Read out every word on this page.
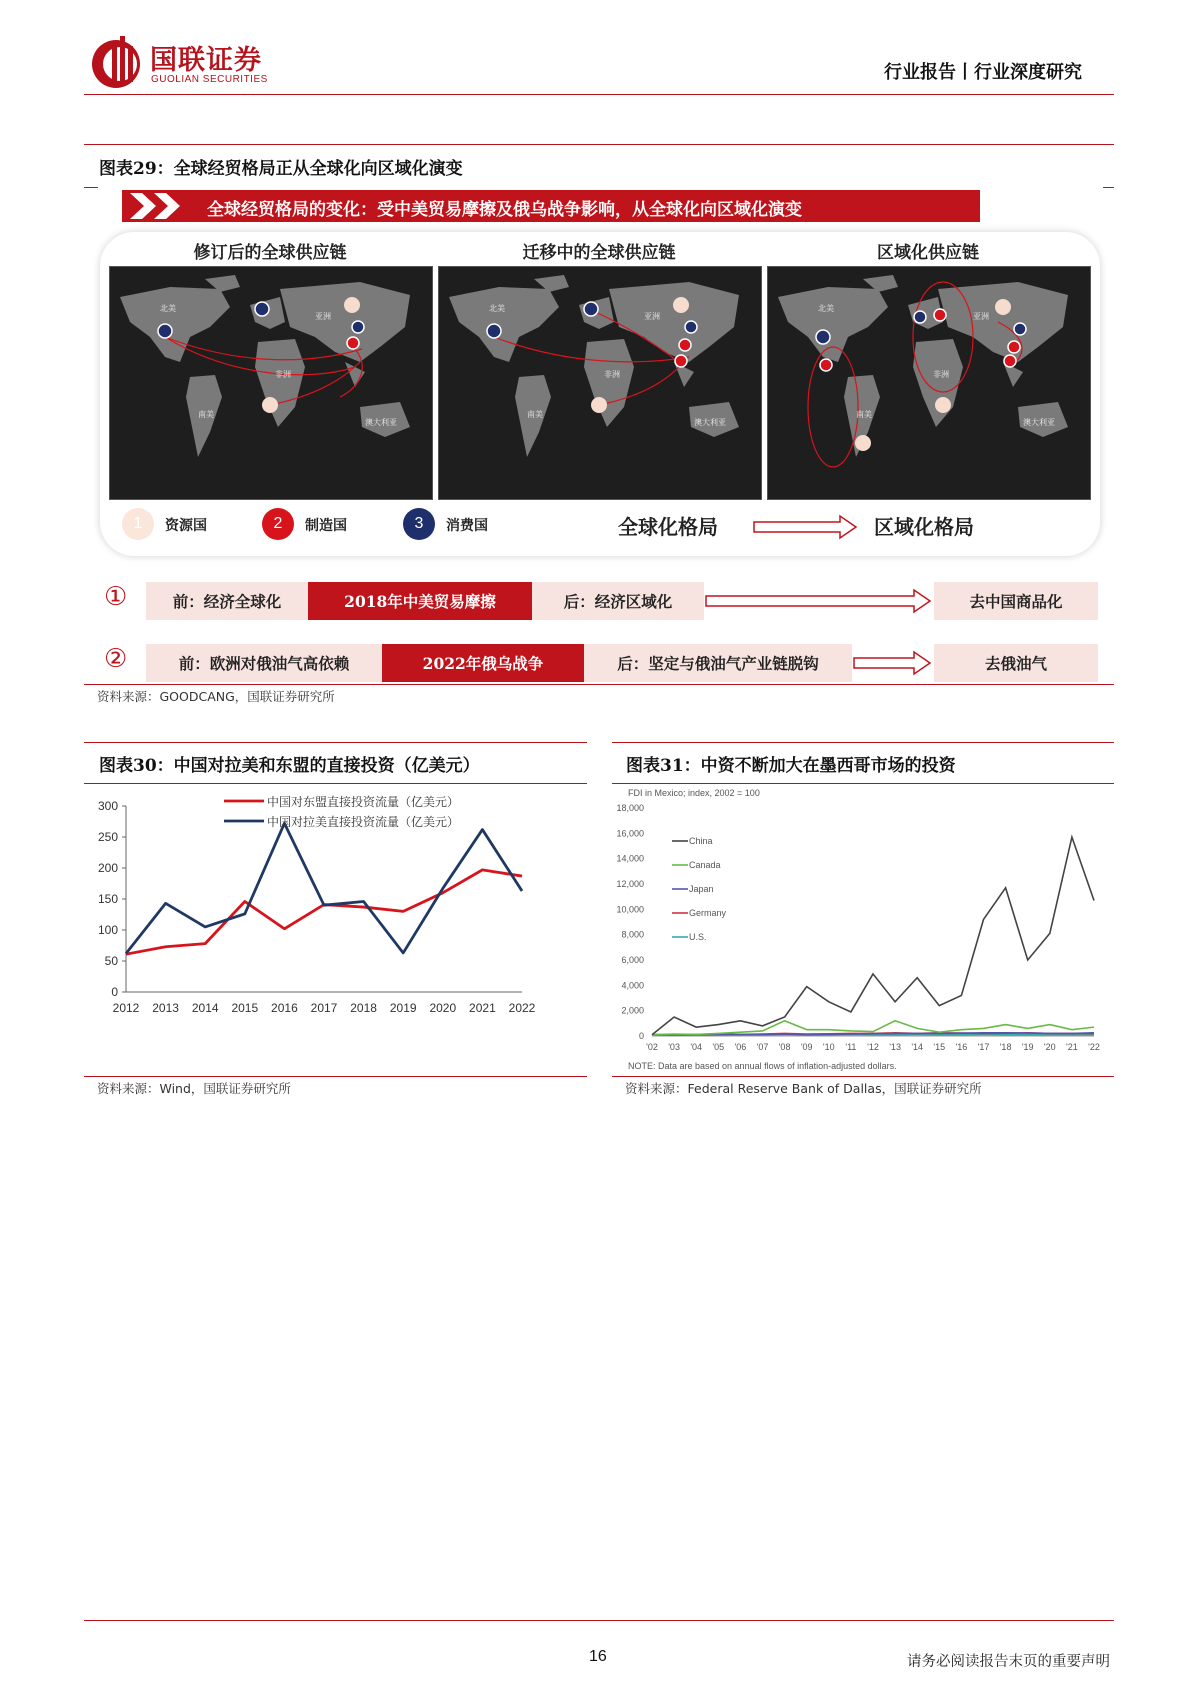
国联证券
GUOLIAN SECURITIES	行业报告丨行业深度研究
图表29：全球经贸格局正从全球化向区域化演变
全球经贸格局的变化：受中美贸易摩擦及俄乌战争影响，从全球化向区域化演变
修订后的全球供应链	迁移中的全球供应链	区域化供应链
北美
亚洲
非洲
南美
澳大利亚
北美
亚洲
非洲
南美
澳大利亚
北美
亚洲
非洲
南美
澳大利亚
1 资源国	2 制造国	3 消费国	全球化格局	区域化格局
①	前：经济全球化	2018年中美贸易摩擦	后：经济区域化	去中国商品化
②	前：欧洲对俄油气高依赖	2022年俄乌战争	后：坚定与俄油气产业链脱钩	去俄油气
资料来源：GOODCANG，国联证券研究所
图表30：中国对拉美和东盟的直接投资（亿美元）
0
50
100
150
200
250
300
2012 2013 2014 2015 2016 2017 2018 2019 2020 2021 2022
中国对东盟直接投资流量（亿美元）
中国对拉美直接投资流量（亿美元）
资料来源：Wind，国联证券研究所
图表31：中资不断加大在墨西哥市场的投资
FDI in Mexico; index, 2002 = 100
0
2,000
4,000
6,000
8,000
10,000
12,000
14,000
16,000
18,000
'02 '03 '04 '05 '06 '07 '08 '09 '10 '11 '12 '13 '14 '15 '16 '17 '18 '19 '20 '21 '22
China
Canada
Japan
Germany
U.S.
NOTE: Data are based on annual flows of inflation-adjusted dollars.
资料来源：Federal Reserve Bank of Dallas，国联证券研究所
16	请务必阅读报告末页的重要声明
